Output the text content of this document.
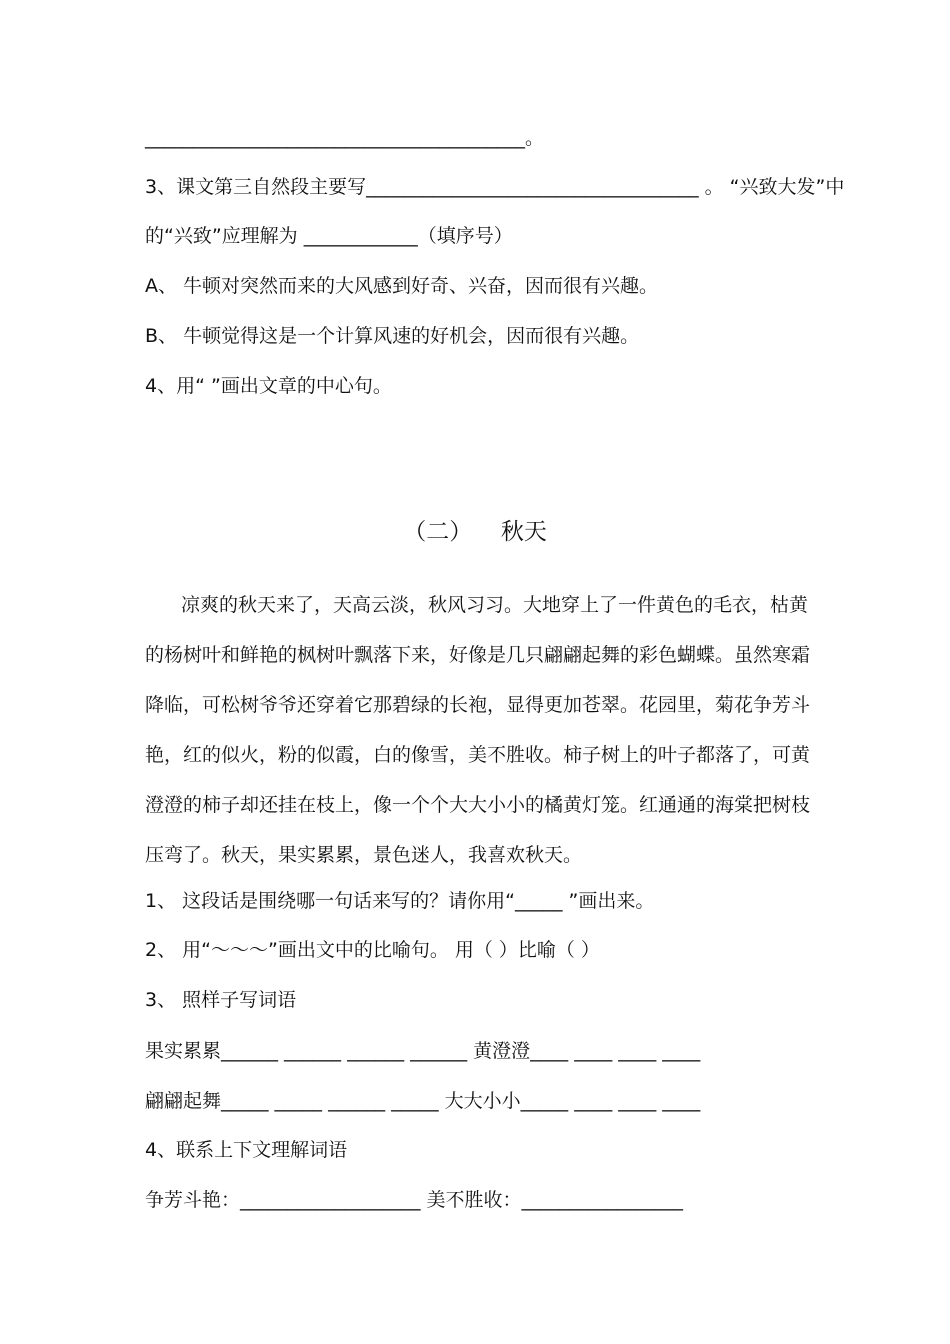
________________________________________。
3、课文第三自然段主要写___________________________________ 。 “兴致大发”中
的“兴致”应理解为 ____________（填序号）
A、 牛顿对突然而来的大风感到好奇、兴奋，因而很有兴趣。
B、 牛顿觉得这是一个计算风速的好机会，因而很有兴趣。
4、用“ ”画出文章的中心句。
（二） 秋天
凉爽的秋天来了，天高云淡，秋风习习。大地穿上了一件黄色的毛衣，枯黄
的杨树叶和鲜艳的枫树叶飘落下来，好像是几只翩翩起舞的彩色蝴蝶。虽然寒霜
降临，可松树爷爷还穿着它那碧绿的长袍，显得更加苍翠。花园里，菊花争芳斗
艳，红的似火，粉的似霞，白的像雪，美不胜收。柿子树上的叶子都落了，可黄
澄澄的柿子却还挂在枝上，像一个个大大小小的橘黄灯笼。红通通的海棠把树枝
压弯了。秋天，果实累累，景色迷人，我喜欢秋天。
1、 这段话是围绕哪一句话来写的？请你用“_____ ”画出来。
2、 用“～～～”画出文中的比喻句。 用（ ）比喻（ ）
3、 照样子写词语
果实累累______ ______ ______ ______ 黄澄澄____ ____ ____ ____
翩翩起舞_____ _____ ______ _____ 大大小小_____ ____ ____ ____
4、联系上下文理解词语
争芳斗艳：___________________ 美不胜收：_________________
